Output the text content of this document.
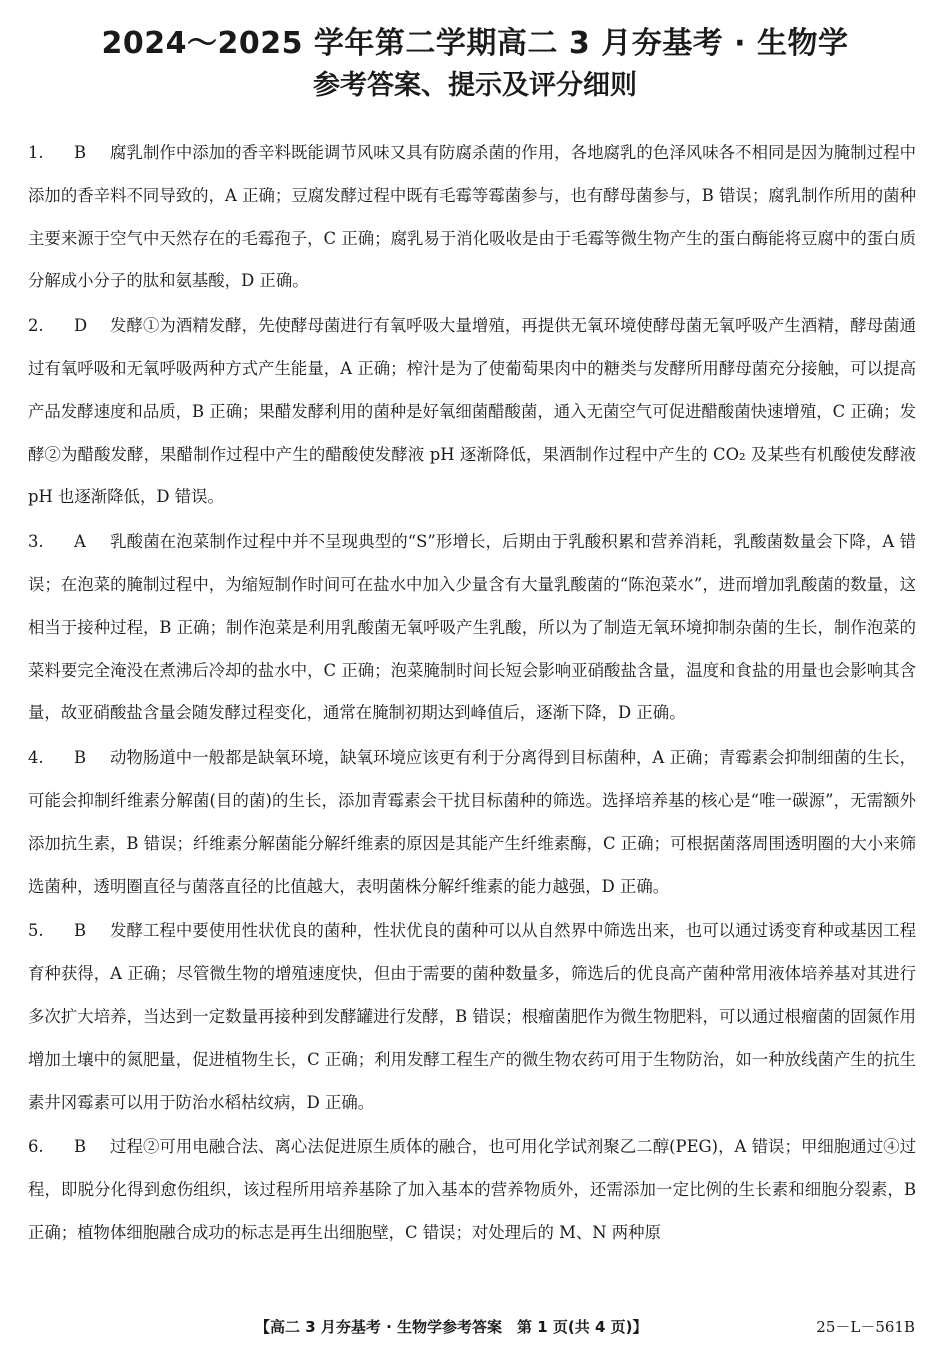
2024～2025 学年第二学期高二 3 月夯基考 · 生物学
参考答案、提示及评分细则
1. B 腐乳制作中添加的香辛料既能调节风味又具有防腐杀菌的作用，各地腐乳的色泽风味各不相同是因为腌制过程中添加的香辛料不同导致的，A 正确；豆腐发酵过程中既有毛霉等霉菌参与，也有酵母菌参与，B 错误；腐乳制作所用的菌种主要来源于空气中天然存在的毛霉孢子，C 正确；腐乳易于消化吸收是由于毛霉等微生物产生的蛋白酶能将豆腐中的蛋白质分解成小分子的肽和氨基酸，D 正确。
2. D 发酵①为酒精发酵，先使酵母菌进行有氧呼吸大量增殖，再提供无氧环境使酵母菌无氧呼吸产生酒精，酵母菌通过有氧呼吸和无氧呼吸两种方式产生能量，A 正确；榨汁是为了使葡萄果肉中的糖类与发酵所用酵母菌充分接触，可以提高产品发酵速度和品质，B 正确；果醋发酵利用的菌种是好氧细菌醋酸菌，通入无菌空气可促进醋酸菌快速增殖，C 正确；发酵②为醋酸发酵，果醋制作过程中产生的醋酸使发酵液 pH 逐渐降低，果酒制作过程中产生的 CO₂ 及某些有机酸使发酵液 pH 也逐渐降低，D 错误。
3. A 乳酸菌在泡菜制作过程中并不呈现典型的“S”形增长，后期由于乳酸积累和营养消耗，乳酸菌数量会下降，A 错误；在泡菜的腌制过程中，为缩短制作时间可在盐水中加入少量含有大量乳酸菌的“陈泡菜水”，进而增加乳酸菌的数量，这相当于接种过程，B 正确；制作泡菜是利用乳酸菌无氧呼吸产生乳酸，所以为了制造无氧环境抑制杂菌的生长，制作泡菜的菜料要完全淹没在煮沸后冷却的盐水中，C 正确；泡菜腌制时间长短会影响亚硝酸盐含量，温度和食盐的用量也会影响其含量，故亚硝酸盐含量会随发酵过程变化，通常在腌制初期达到峰值后，逐渐下降，D 正确。
4. B 动物肠道中一般都是缺氧环境，缺氧环境应该更有利于分离得到目标菌种，A 正确；青霉素会抑制细菌的生长，可能会抑制纤维素分解菌(目的菌)的生长，添加青霉素会干扰目标菌种的筛选。选择培养基的核心是“唯一碳源”，无需额外添加抗生素，B 错误；纤维素分解菌能分解纤维素的原因是其能产生纤维素酶，C 正确；可根据菌落周围透明圈的大小来筛选菌种，透明圈直径与菌落直径的比值越大，表明菌株分解纤维素的能力越强，D 正确。
5. B 发酵工程中要使用性状优良的菌种，性状优良的菌种可以从自然界中筛选出来，也可以通过诱变育种或基因工程育种获得，A 正确；尽管微生物的增殖速度快，但由于需要的菌种数量多，筛选后的优良高产菌种常用液体培养基对其进行多次扩大培养，当达到一定数量再接种到发酵罐进行发酵，B 错误；根瘤菌肥作为微生物肥料，可以通过根瘤菌的固氮作用增加土壤中的氮肥量，促进植物生长，C 正确；利用发酵工程生产的微生物农药可用于生物防治，如一种放线菌产生的抗生素井冈霉素可以用于防治水稻枯纹病，D 正确。
6. B 过程②可用电融合法、离心法促进原生质体的融合，也可用化学试剂聚乙二醇(PEG)，A 错误；甲细胞通过④过程，即脱分化得到愈伤组织，该过程所用培养基除了加入基本的营养物质外，还需添加一定比例的生长素和细胞分裂素，B 正确；植物体细胞融合成功的标志是再生出细胞壁，C 错误；对处理后的 M、N 两种原
【高二 3 月夯基考 · 生物学参考答案　第 1 页(共 4 页)】	25－L－561B
